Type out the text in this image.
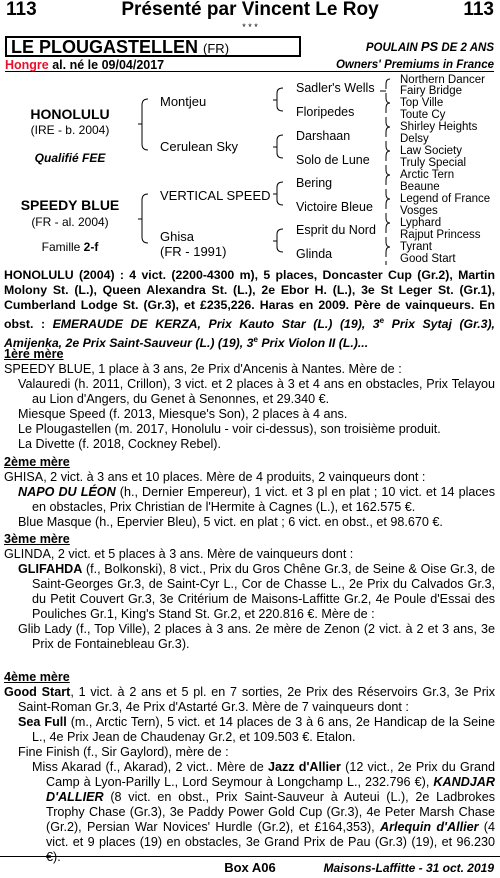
113	Présenté par Vincent Le Roy	113
* * *
LE PLOUGASTELLEN (FR)	POULAIN PS DE 2 ANS
Hongre al. né le 09/04/2017	Owners' Premiums in France
HONOLULU
(IRE - b. 2004)
Qualifié FEE
SPEEDY BLUE
(FR - al. 2004)
Famille 2-f
Montjeu
Cerulean Sky
VERTICAL SPEED
Ghisa
(FR - 1991)
Sadler's Wells
Floripedes
Darshaan
Solo de Lune
Bering
Victoire Bleue
Esprit du Nord
Glinda
Northern Dancer
Fairy Bridge
Top Ville
Toute Cy
Shirley Heights
Delsy
Law Society
Truly Special
Arctic Tern
Beaune
Legend of France
Vosges
Lyphard
Rajput Princess
Tyrant
Good Start

HONOLULU (2004) : 4 vict. (2200-4300 m), 5 places, Doncaster Cup (Gr.2), Martin Molony St. (L.), Queen Alexandra St. (L.), 2e Ebor H. (L.), 3e St Leger St. (Gr.1), Cumberland Lodge St. (Gr.3), et £235,226. Haras en 2009. Père de vainqueurs. En obst. : EMERAUDE DE KERZA, Prix Kauto Star (L.) (19), 3e Prix Sytaj (Gr.3), Amijenka, 2e Prix Saint-Sauveur (L.) (19), 3e Prix Violon II (L.)...

1ère mère

SPEEDY BLUE, 1 place à 3 ans, 2e Prix d'Ancenis à Nantes. Mère de :

Valauredi (h. 2011, Crillon), 3 vict. et 2 places à 3 et 4 ans en obstacles, Prix Telayou au Lion d'Angers, du Genet à Senonnes, et 29.340 €.

Miesque Speed (f. 2013, Miesque's Son), 2 places à 4 ans.

Le Plougastellen (m. 2017, Honolulu - voir ci-dessus), son troisième produit.

La Divette (f. 2018, Cockney Rebel).

2ème mère

GHISA, 2 vict. à 3 ans et 10 places. Mère de 4 produits, 2 vainqueurs dont :

NAPO DU LÉON (h., Dernier Empereur), 1 vict. et 3 pl en plat ; 10 vict. et 14 places en obstacles, Prix Christian de l'Hermite à Cagnes (L.), et 162.575 €.

Blue Masque (h., Epervier Bleu), 5 vict. en plat ; 6 vict. en obst., et 98.670 €.

3ème mère

GLINDA, 2 vict. et 5 places à 3 ans. Mère de vainqueurs dont :

GLIFAHDA (f., Bolkonski), 8 vict., Prix du Gros Chêne Gr.3, de Seine & Oise Gr.3, de Saint-Georges Gr.3, de Saint-Cyr L., Cor de Chasse L., 2e Prix du Calvados Gr.3, du Petit Couvert Gr.3, 3e Critérium de Maisons-Laffitte Gr.2, 4e Poule d'Essai des Pouliches Gr.1, King's Stand St. Gr.2, et 220.816 €. Mère de :

Glib Lady (f., Top Ville), 2 places à 3 ans. 2e mère de Zenon (2 vict. à 2 et 3 ans, 3e Prix de Fontainebleau Gr.3).

4ème mère

Good Start, 1 vict. à 2 ans et 5 pl. en 7 sorties, 2e Prix des Réservoirs Gr.3, 3e Prix Saint-Roman Gr.3, 4e Prix d'Astarté Gr.3. Mère de 7 vainqueurs dont :

Sea Full (m., Arctic Tern), 5 vict. et 14 places de 3 à 6 ans, 2e Handicap de la Seine L., 4e Prix Jean de Chaudenay Gr.2, et 109.503 €. Etalon.

Fine Finish (f., Sir Gaylord), mère de :

Miss Akarad (f., Akarad), 2 vict.. Mère de Jazz d'Allier (12 vict., 2e Prix du Grand Camp à Lyon-Parilly L., Lord Seymour à Longchamp L., 232.796 €), KANDJAR D'ALLIER (8 vict. en obst., Prix Saint-Sauveur à Auteui (L.), 2e Ladbrokes Trophy Chase (Gr.3), 3e Paddy Power Gold Cup (Gr.3), 4e Peter Marsh Chase (Gr.2), Persian War Novices' Hurdle (Gr.2), et £164,353), Arlequin d'Allier (4 vict. et 9 places (19) en obstacles, 3e Grand Prix de Pau (Gr.3) (19), et 96.230 €).

Box A06	Maisons-Laffitte - 31 oct. 2019
